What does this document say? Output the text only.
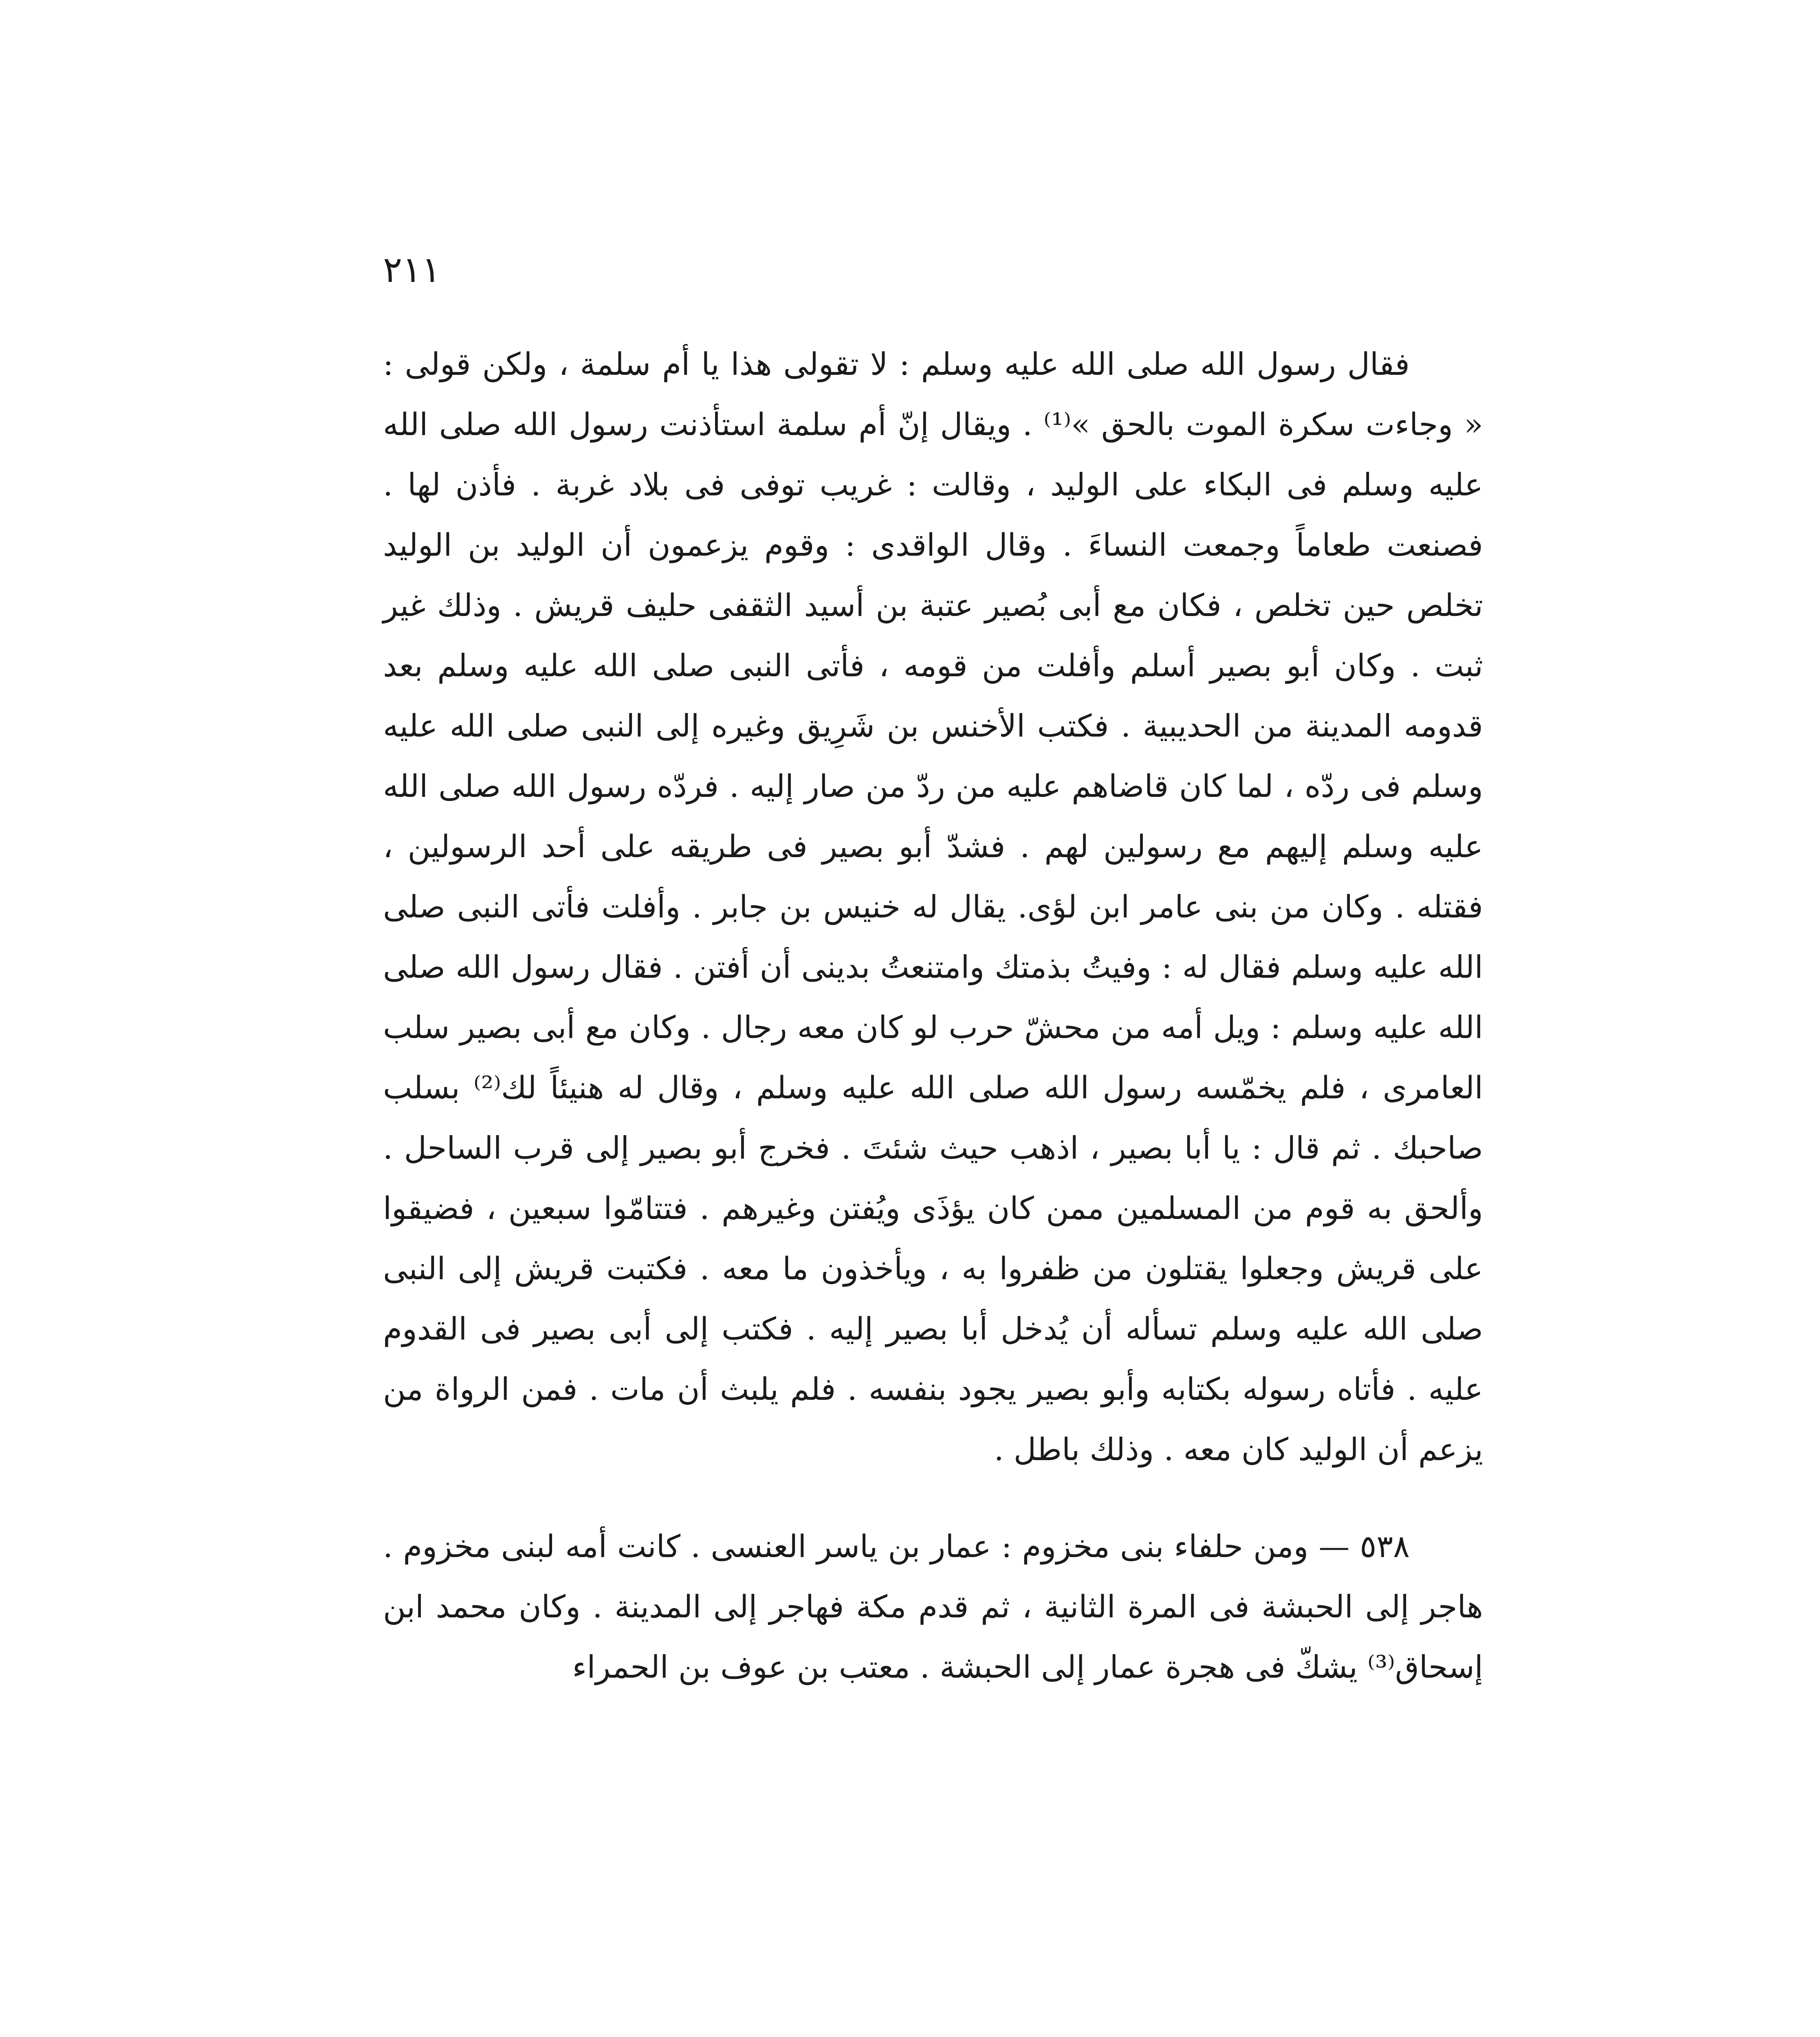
٢١١

فقال رسول الله صلى الله عليه وسلم : لا تقولى هذا يا أم سلمة ، ولكن قولى : « وجاءت سكرة الموت بالحق »⁽¹⁾ . ويقال إنّ أم سلمة استأذنت رسول الله صلى الله عليه وسلم فى البكاء على الوليد ، وقالت : غريب توفى فى بلاد غربة . فأذن لها . فصنعت طعاماً وجمعت النساءَ . وقال الواقدى : وقوم يزعمون أن الوليد بن الوليد تخلص حين تخلص ، فكان مع أبى بُصير عتبة بن أسيد الثقفى حليف قريش . وذلك غير ثبت . وكان أبو بصير أسلم وأفلت من قومه ، فأتى النبى صلى الله عليه وسلم بعد قدومه المدينة من الحديبية . فكتب الأخنس بن شَرِيق وغيره إلى النبى صلى الله عليه وسلم فى ردّه ، لما كان قاضاهم عليه من ردّ من صار إليه . فردّه رسول الله صلى الله عليه وسلم إليهم مع رسولين لهم . فشدّ أبو بصير فى طريقه على أحد الرسولين ، فقتله . وكان من بنى عامر ابن لؤى. يقال له خنيس بن جابر . وأفلت فأتى النبى صلى الله عليه وسلم فقال له : وفيتُ بذمتك وامتنعتُ بدينى أن أفتن . فقال رسول الله صلى الله عليه وسلم : ويل أمه من محشّ حرب لو كان معه رجال . وكان مع أبى بصير سلب العامرى ، فلم يخمّسه رسول الله صلى الله عليه وسلم ، وقال له هنيئاً لك⁽²⁾ بسلب صاحبك . ثم قال : يا أبا بصير ، اذهب حيث شئتَ . فخرج أبو بصير إلى قرب الساحل . وألحق به قوم من المسلمين ممن كان يؤذَى ويُفتن وغيرهم . فتتامّوا سبعين ، فضيقوا على قريش وجعلوا يقتلون من ظفروا به ، ويأخذون ما معه . فكتبت قريش إلى النبى صلى الله عليه وسلم تسأله أن يُدخل أبا بصير إليه . فكتب إلى أبى بصير فى القدوم عليه . فأتاه رسوله بكتابه وأبو بصير يجود بنفسه . فلم يلبث أن مات . فمن الرواة من يزعم أن الوليد كان معه . وذلك باطل .

٥٣٨ — ومن حلفاء بنى مخزوم : عمار بن ياسر العنسى . كانت أمه لبنى مخزوم . هاجر إلى الحبشة فى المرة الثانية ، ثم قدم مكة فهاجر إلى المدينة . وكان محمد ابن إسحاق⁽³⁾ يشكّ فى هجرة عمار إلى الحبشة . معتب بن عوف بن الحمراء
